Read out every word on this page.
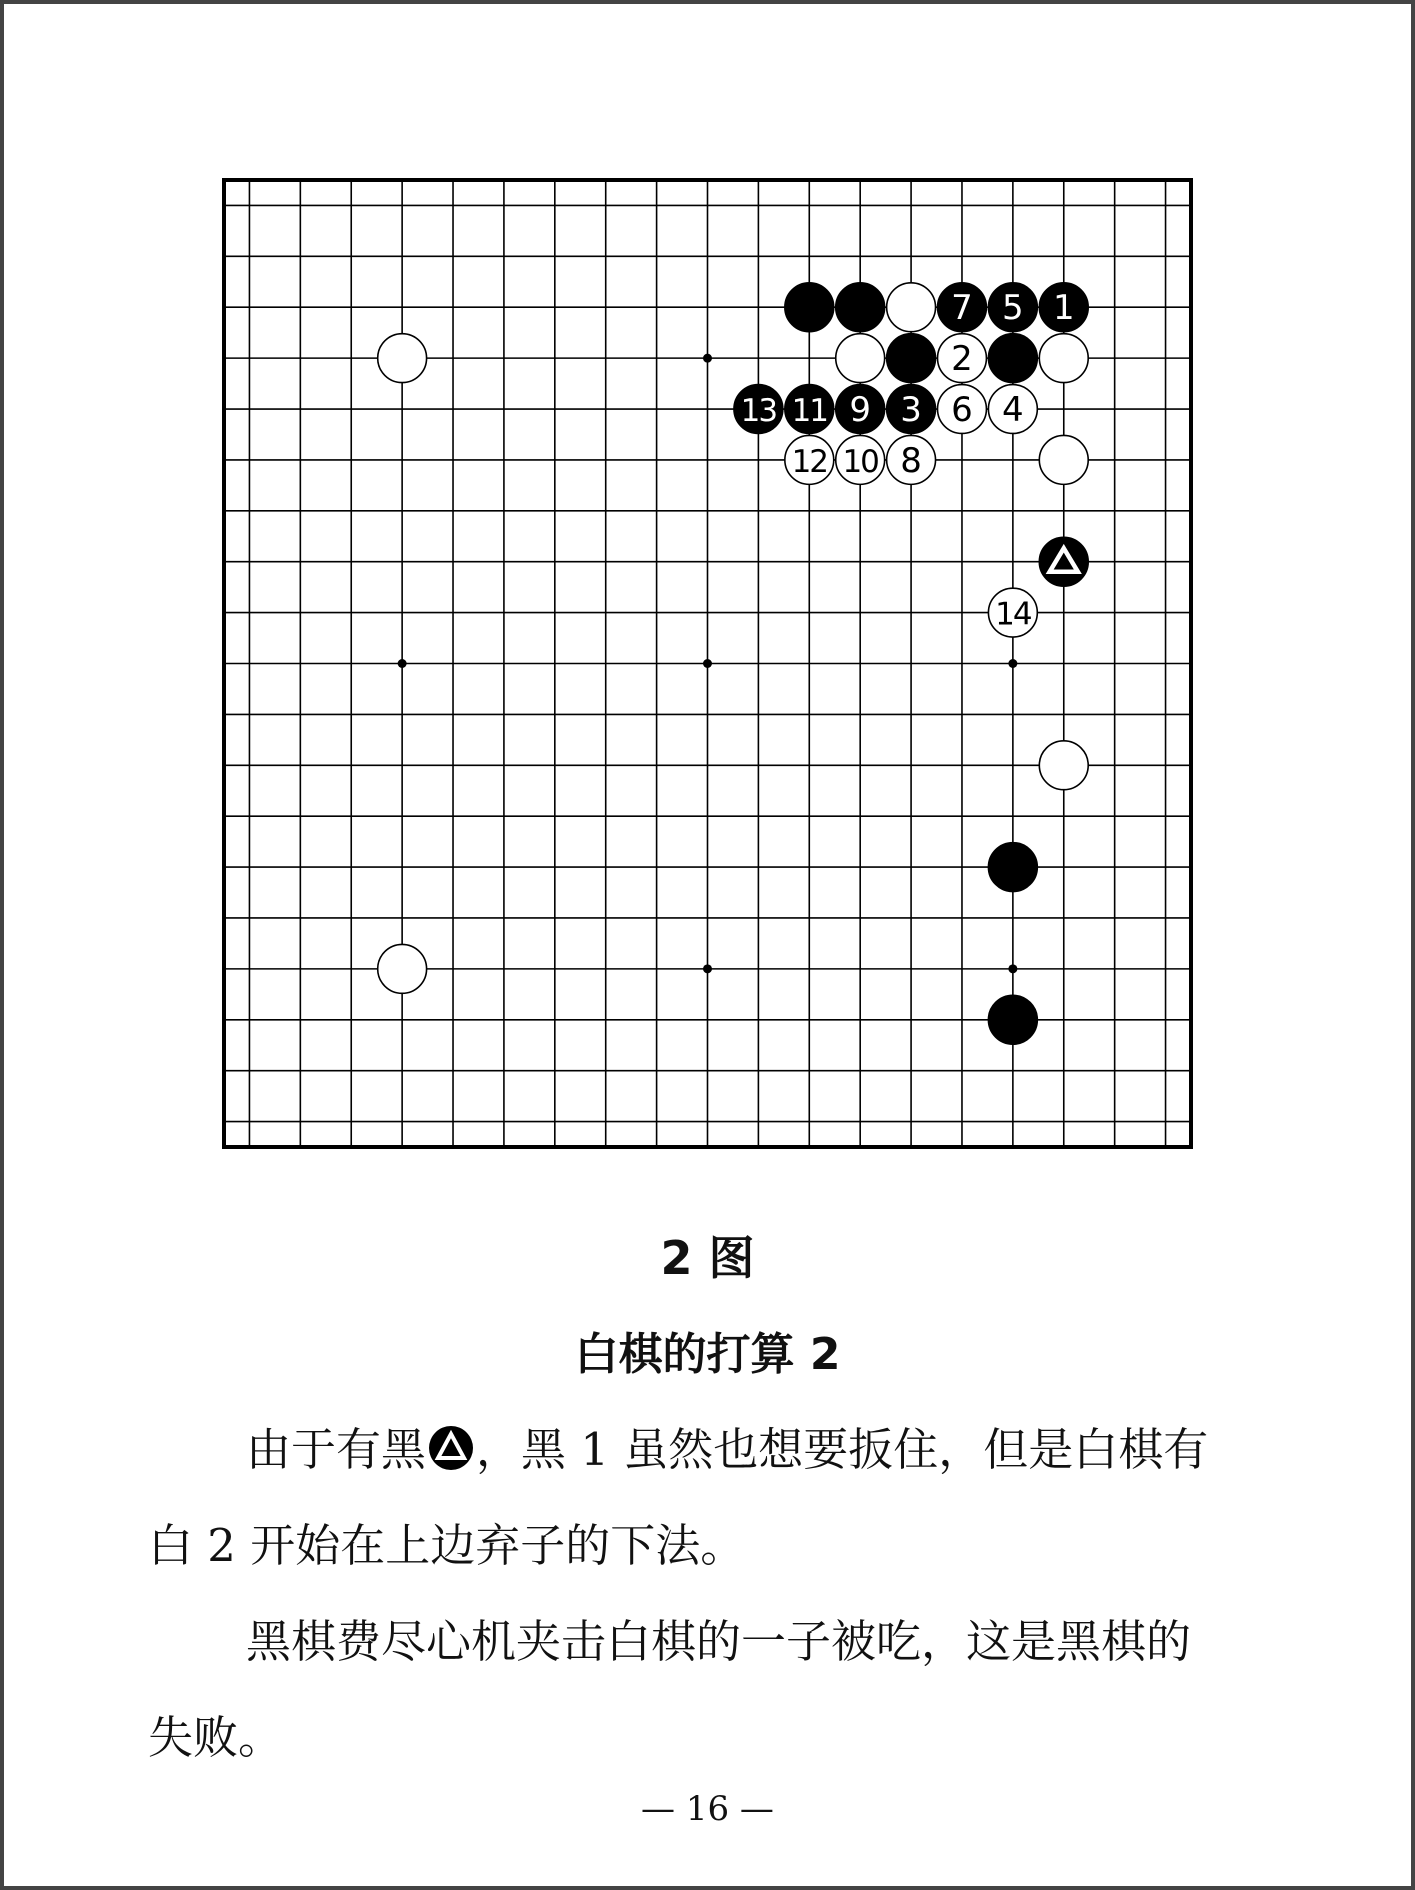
7 5 1
2
13 11 9 3 6 4
12 10 8
14
2 图
白棋的打算 2
由于有黑 ，黑 1 虽然也想要扳住，但是白棋有
白 2 开始在上边弃子的下法。
黑棋费尽心机夹击白棋的一子被吃，这是黑棋的
失败。
— 16 —
